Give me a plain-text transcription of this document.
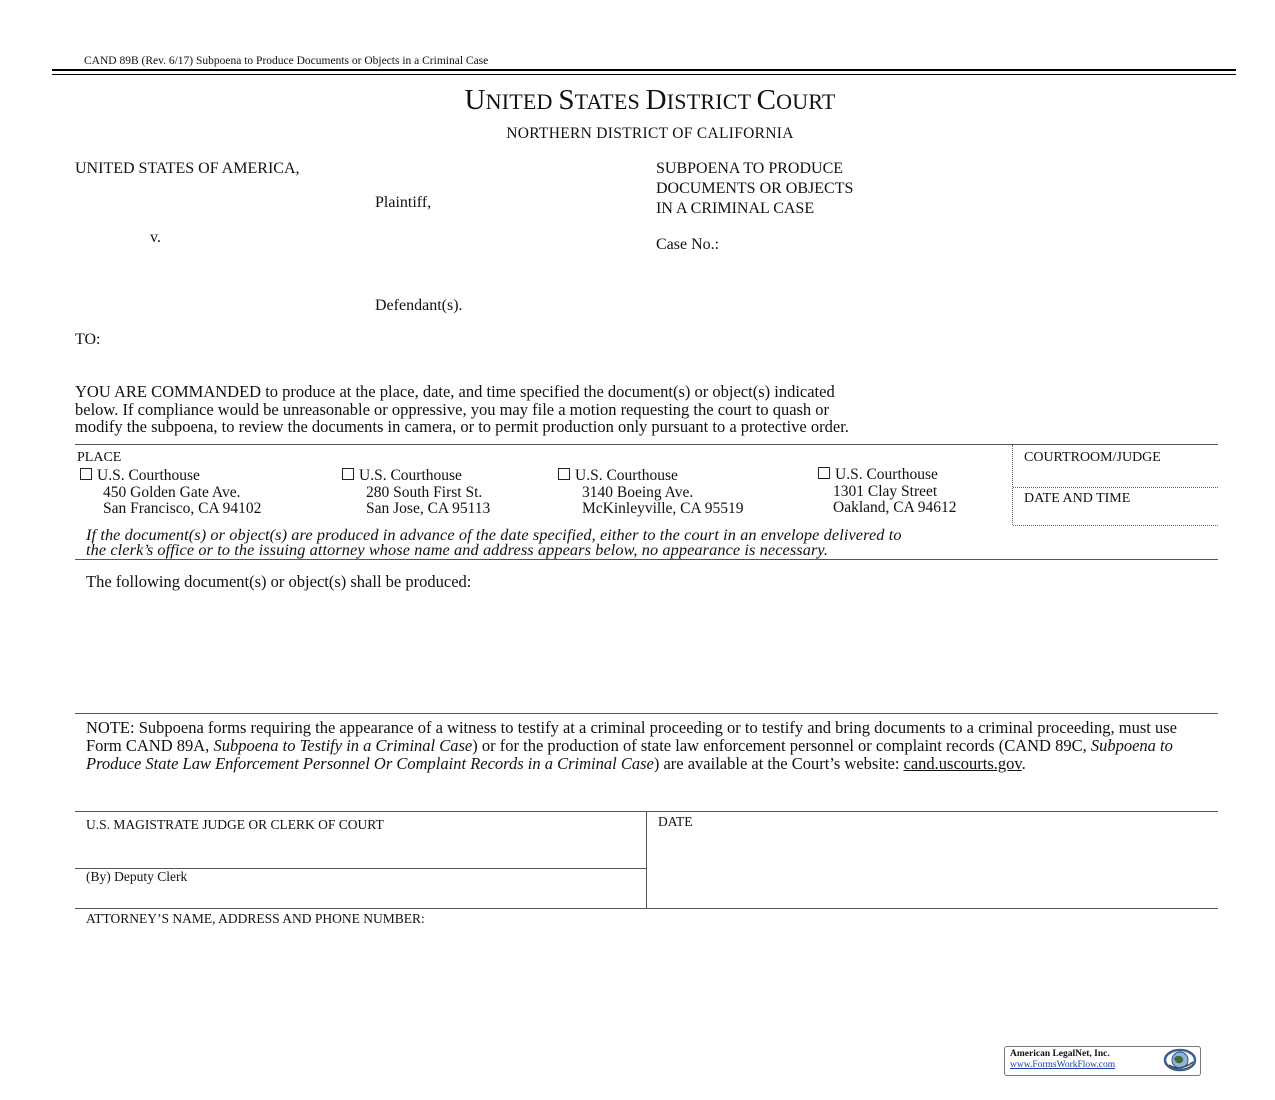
CAND 89B (Rev. 6/17) Subpoena to Produce Documents or Objects in a Criminal Case
UNITED STATES DISTRICT COURT
NORTHERN DISTRICT OF CALIFORNIA
UNITED STATES OF AMERICA,
Plaintiff,
v.
Defendant(s).
TO:
SUBPOENA TO PRODUCE
DOCUMENTS OR OBJECTS
IN A CRIMINAL CASE
Case No.:
YOU ARE COMMANDED to produce at the place, date, and time specified the document(s) or object(s) indicated
below. If compliance would be unreasonable or oppressive, you may file a motion requesting the court to quash or
modify the subpoena, to review the documents in camera, or to permit production only pursuant to a protective order.
PLACE	COURTROOM/JUDGE
DATE AND TIME
U.S. Courthouse
450 Golden Gate Ave.
San Francisco, CA 94102
U.S. Courthouse
280 South First St.
San Jose, CA 95113
U.S. Courthouse
3140 Boeing Ave.
McKinleyville, CA 95519
U.S. Courthouse
1301 Clay Street
Oakland, CA 94612
If the document(s) or object(s) are produced in advance of the date specified, either to the court in an envelope delivered to
the clerk’s office or to the issuing attorney whose name and address appears below, no appearance is necessary.
The following document(s) or object(s) shall be produced:
NOTE: Subpoena forms requiring the appearance of a witness to testify at a criminal proceeding or to testify and bring documents to a criminal proceeding, must use Form CAND 89A, Subpoena to Testify in a Criminal Case) or for the production of state law enforcement personnel or complaint records (CAND 89C, Subpoena to Produce State Law Enforcement Personnel Or Complaint Records in a Criminal Case) are available at the Court’s website: cand.uscourts.gov.
U.S. MAGISTRATE JUDGE OR CLERK OF COURT	DATE
(By) Deputy Clerk
ATTORNEY’S NAME, ADDRESS AND PHONE NUMBER:
American LegalNet, Inc.
www.FormsWorkFlow.com
